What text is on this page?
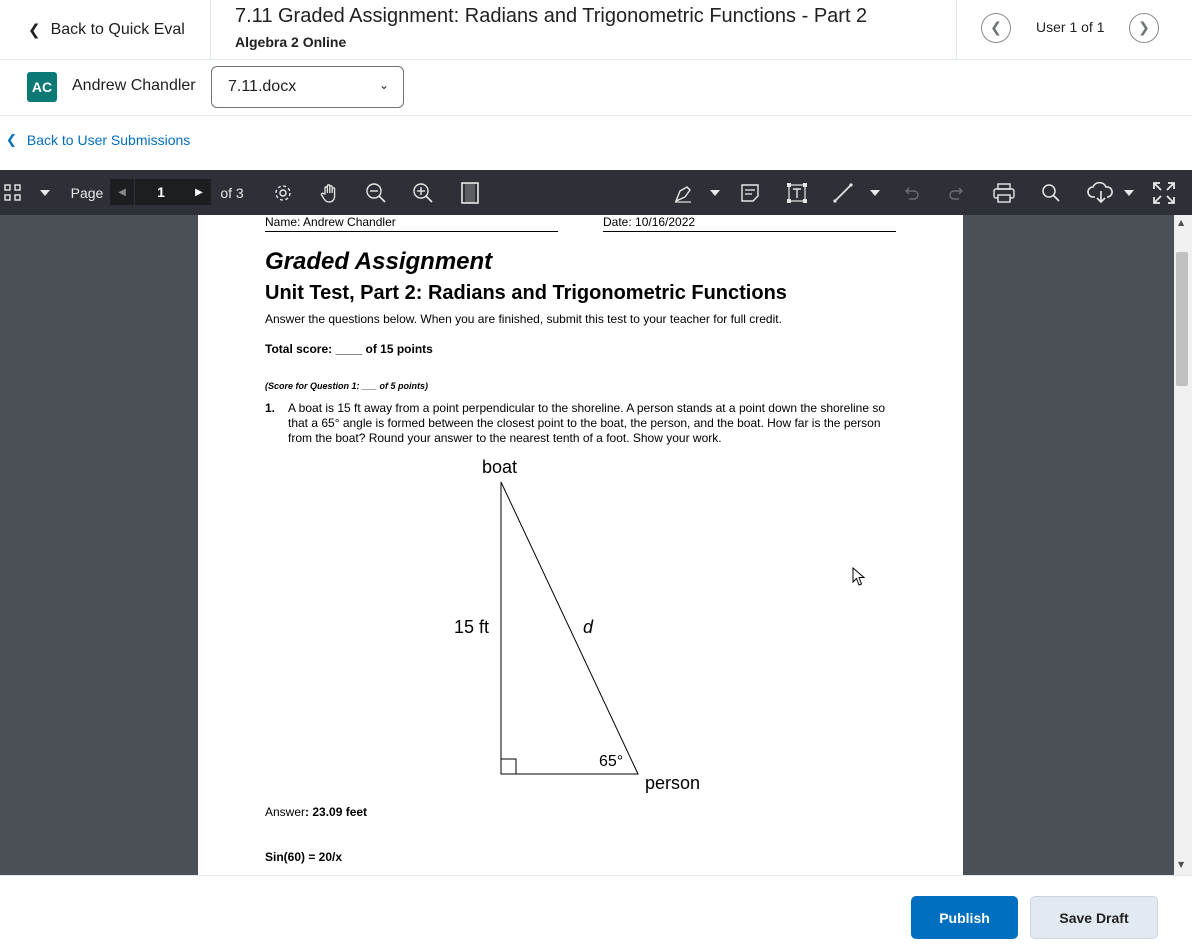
❮ Back to Quick Eval
7.11 Graded Assignment: Radians and Trigonometric Functions - Part 2
Algebra 2 Online
❮ User 1 of 1 ❯
AC	Andrew Chandler	7.11.docx	⌄
❮ Back to User Submissions
Page ◀	1	▶ of 3
Name: Andrew Chandler	Date: 10/16/2022
Graded Assignment
Unit Test, Part 2: Radians and Trigonometric Functions
Answer the questions below. When you are finished, submit this test to your teacher for full credit.
Total score: ____ of 15 points
(Score for Question 1: ___ of 5 points)
1. A boat is 15 ft away from a point perpendicular to the shoreline. A person stands at a point down the shoreline so that a 65° angle is formed between the closest point to the boat, the person, and the boat. How far is the person from the boat? Round your answer to the nearest tenth of a foot. Show your work.
boat
15 ft	d
65°
person
Answer: 23.09 feet
Sin(60) = 20/x
▲
▼
Publish	Save Draft
